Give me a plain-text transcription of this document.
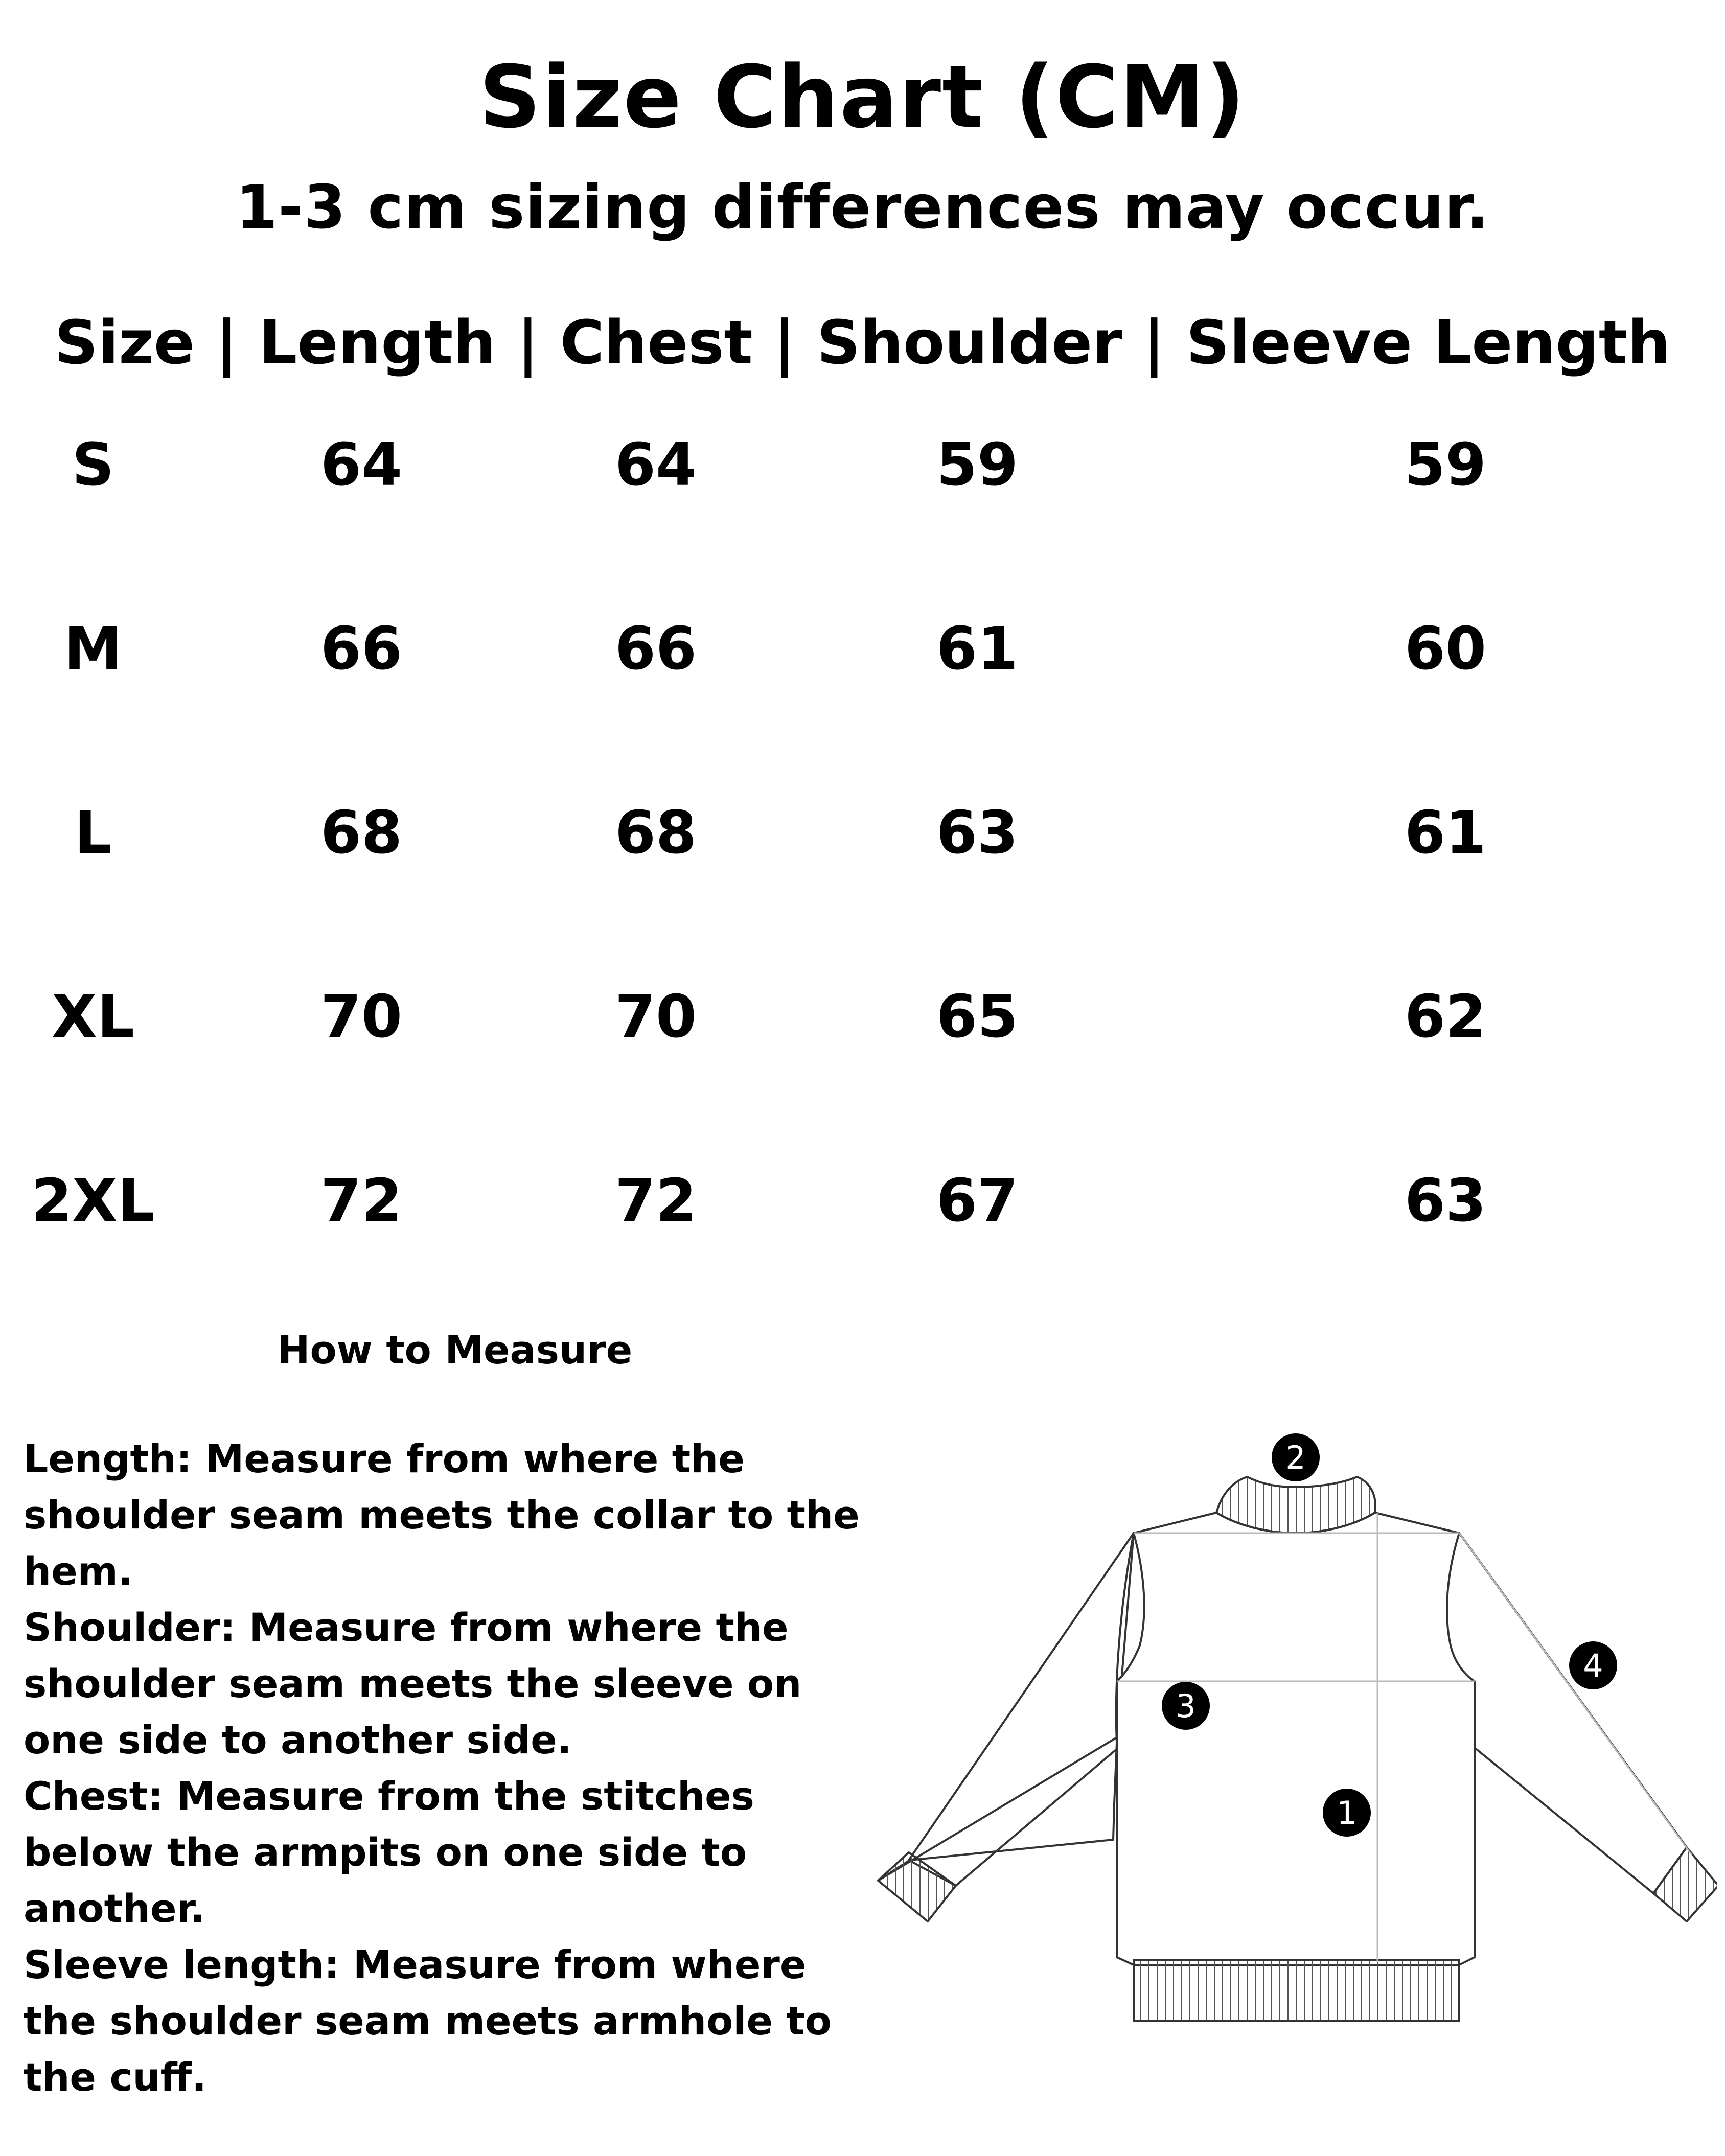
Size Chart (CM)
1-3 cm sizing differences may occur.
Size | Length | Chest | Shoulder | Sleeve Length
S	64	64	59	59
M	66	66	61	60
L	68	68	63	61
XL	70	70	65	62
2XL	72	72	67	63
How to Measure
Length: Measure from where the
shoulder seam meets the collar to the
hem.
Shoulder: Measure from where the
shoulder seam meets the sleeve on
one side to another side.
Chest: Measure from the stitches
below the armpits on one side to
another.
Sleeve length: Measure from where
the shoulder seam meets armhole to
the cuff.
2
3
1
4
